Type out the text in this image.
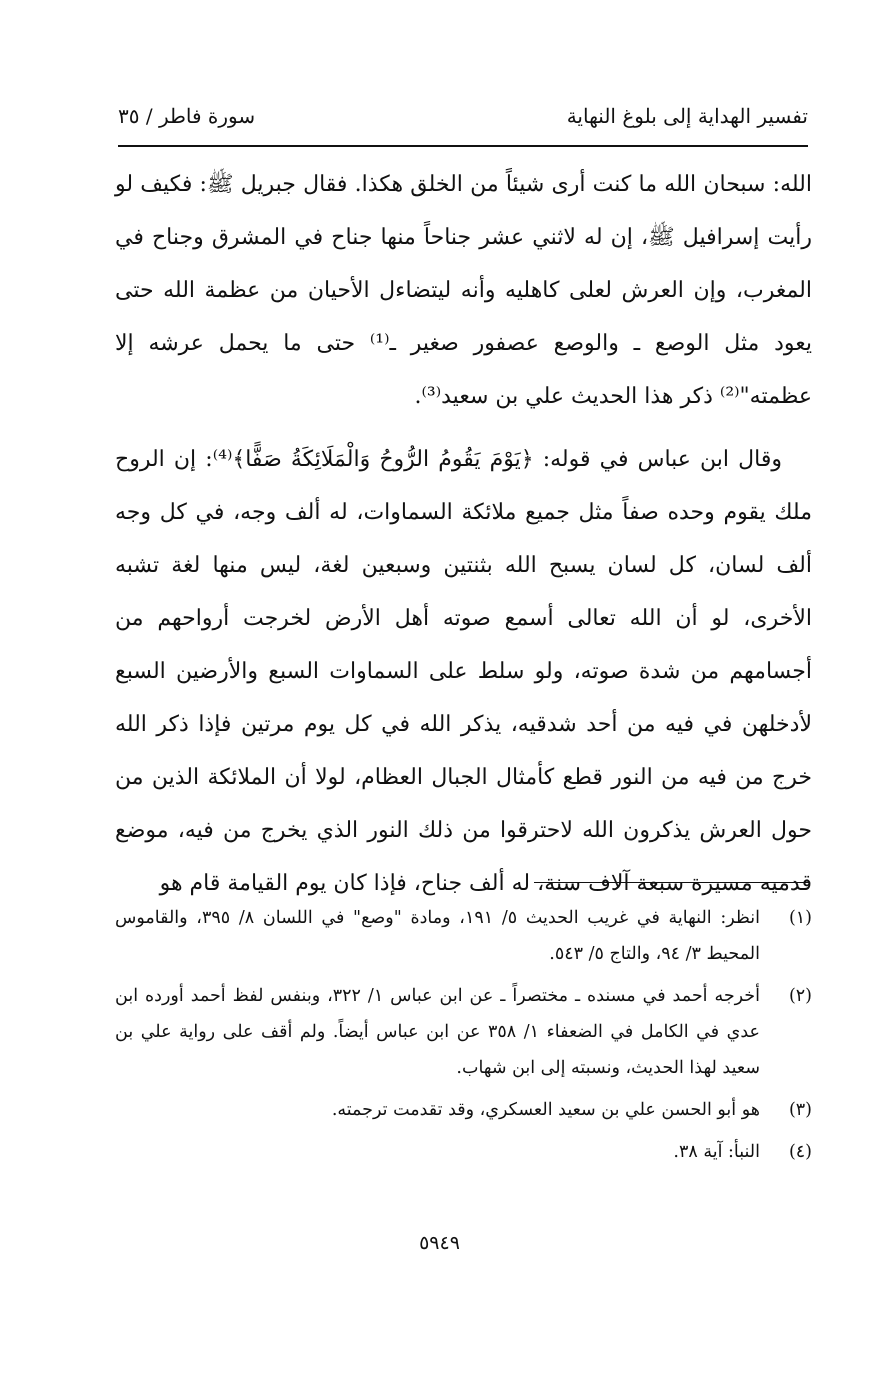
تفسير الهداية إلى بلوغ النهاية
سورة فاطر / ٣٥

الله: سبحان الله ما كنت أرى شيئاً من الخلق هكذا. فقال جبريل ﷺ: فكيف لو رأيت إسرافيل ﷺ، إن له لاثني عشر جناحاً منها جناح في المشرق وجناح في المغرب، وإن العرش لعلى كاهليه وأنه ليتضاءل الأحيان من عظمة الله حتى يعود مثل الوصع ـ والوصع عصفور صغير ـ⁽¹⁾ حتى ما يحمل عرشه إلا عظمته"⁽²⁾ ذكر هذا الحديث علي بن سعيد⁽³⁾.

وقال ابن عباس في قوله: ﴿يَوْمَ يَقُومُ الرُّوحُ وَالْمَلَائِكَةُ صَفًّا﴾⁽⁴⁾: إن الروح ملك يقوم وحده صفاً مثل جميع ملائكة السماوات، له ألف وجه، في كل وجه ألف لسان، كل لسان يسبح الله بثنتين وسبعين لغة، ليس منها لغة تشبه الأخرى، لو أن الله تعالى أسمع صوته أهل الأرض لخرجت أرواحهم من أجسامهم من شدة صوته، ولو سلط على السماوات السبع والأرضين السبع لأدخلهن في فيه من أحد شدقيه، يذكر الله في كل يوم مرتين فإذا ذكر الله خرج من فيه من النور قطع كأمثال الجبال العظام، لولا أن الملائكة الذين من حول العرش يذكرون الله لاحترقوا من ذلك النور الذي يخرج من فيه، موضع قدميه مسيرة سبعة آلاف سنة، له ألف جناح، فإذا كان يوم القيامة قام هو

(١)
انظر: النهاية في غريب الحديث ٥/ ١٩١، ومادة "وصع" في اللسان ٨/ ٣٩٥، والقاموس المحيط ٣/ ٩٤، والتاج ٥/ ٥٤٣.
(٢)
أخرجه أحمد في مسنده ـ مختصراً ـ عن ابن عباس ١/ ٣٢٢، وبنفس لفظ أحمد أورده ابن عدي في الكامل في الضعفاء ١/ ٣٥٨ عن ابن عباس أيضاً. ولم أقف على رواية علي بن سعيد لهذا الحديث، ونسبته إلى ابن شهاب.
(٣)
هو أبو الحسن علي بن سعيد العسكري، وقد تقدمت ترجمته.
(٤)
النبأ: آية ٣٨.
٥٩٤٩
